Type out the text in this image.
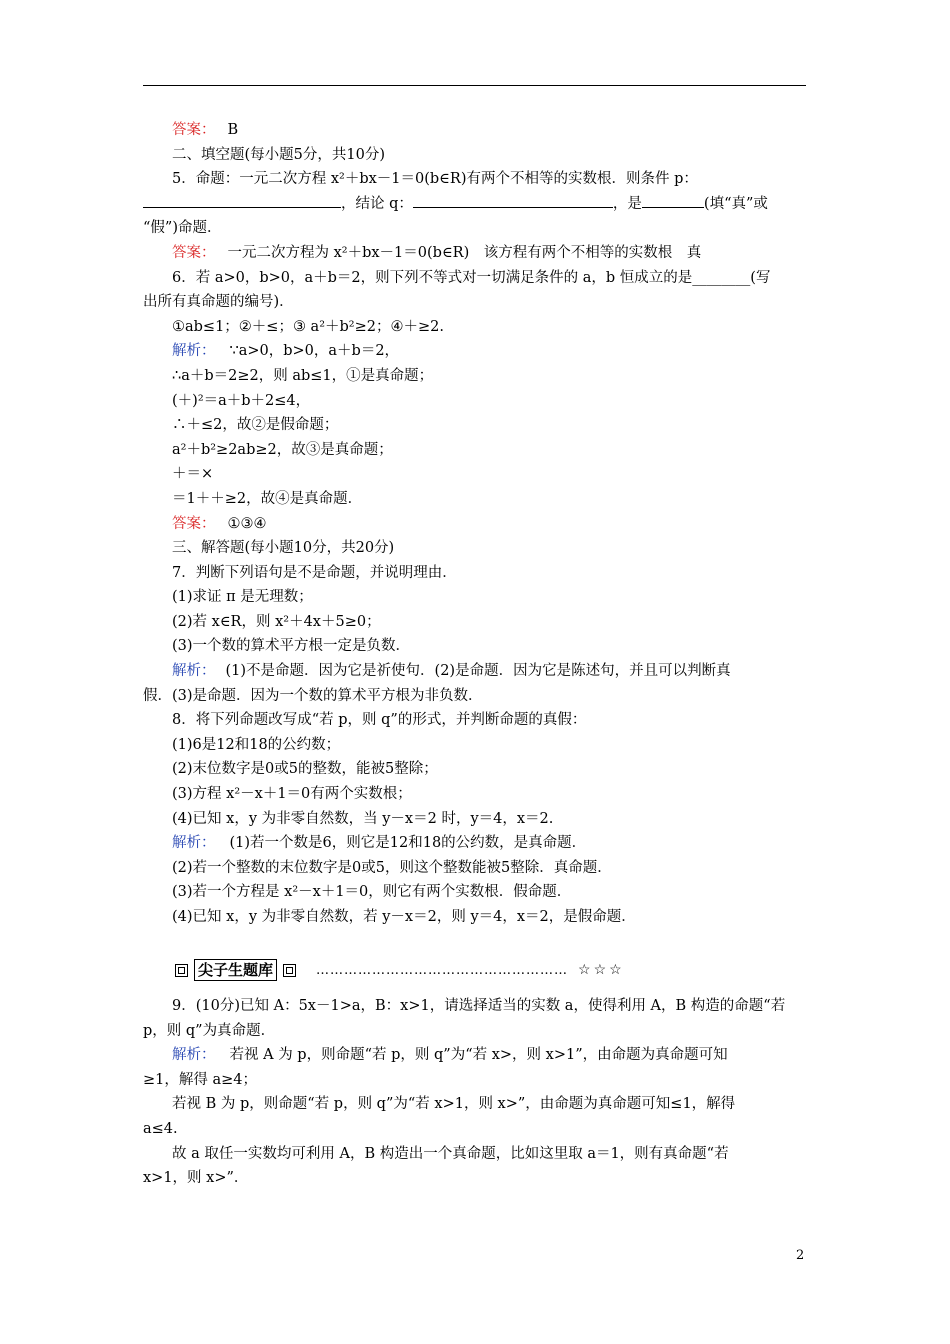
答案： B
二、填空题(每小题5分，共10分)
5．命题：一元二次方程 x²＋bx－1＝0(b∈R)有两个不相等的实数根．则条件 p：
，结论 q：	，是	(填“真”或
“假”)命题．
答案： 一元二次方程为 x²＋bx－1＝0(b∈R)　该方程有两个不相等的实数根　真
6．若 a>0，b>0，a＋b＝2，则下列不等式对一切满足条件的 a，b 恒成立的是________(写
出所有真命题的编号)．
①ab≤1；②＋≤；③ a²＋b²≥2；④＋≥2.
解析： ∵a>0，b>0，a＋b＝2，
∴a＋b＝2≥2，则 ab≤1，①是真命题；
(＋)²＝a＋b＋2≤4，
∴＋≤2，故②是假命题；
a²＋b²≥2ab≥2，故③是真命题；
＋＝×
＝1＋＋≥2，故④是真命题．
答案： ①③④
三、解答题(每小题10分，共20分)
7．判断下列语句是不是命题，并说明理由．
(1)求证 π 是无理数；
(2)若 x∈R，则 x²＋4x＋5≥0；
(3)一个数的算术平方根一定是负数．
解析： (1)不是命题．因为它是祈使句．(2)是命题．因为它是陈述句，并且可以判断真
假．(3)是命题．因为一个数的算术平方根为非负数．
8．将下列命题改写成“若 p，则 q”的形式，并判断命题的真假：
(1)6是12和18的公约数；
(2)末位数字是0或5的整数，能被5整除；
(3)方程 x²－x＋1＝0有两个实数根；
(4)已知 x，y 为非零自然数，当 y－x＝2 时，y＝4，x＝2.
解析： (1)若一个数是6，则它是12和18的公约数，是真命题．
(2)若一个整数的末位数字是0或5，则这个整数能被5整除．真命题．
(3)若一个方程是 x²－x＋1＝0，则它有两个实数根．假命题．
(4)已知 x，y 为非零自然数，若 y－x＝2，则 y＝4，x＝2，是假命题．
尖子生题库	……………………………………………… ☆☆☆
9．(10分)已知 A：5x－1>a，B：x>1，请选择适当的实数 a，使得利用 A，B 构造的命题“若
p，则 q”为真命题．
解析： 若视 A 为 p，则命题“若 p，则 q”为“若 x>，则 x>1”，由命题为真命题可知
≥1，解得 a≥4；
若视 B 为 p，则命题“若 p，则 q”为“若 x>1，则 x>”，由命题为真命题可知≤1，解得
a≤4.
故 a 取任一实数均可利用 A，B 构造出一个真命题，比如这里取 a＝1，则有真命题“若
x>1，则 x>”．
2
